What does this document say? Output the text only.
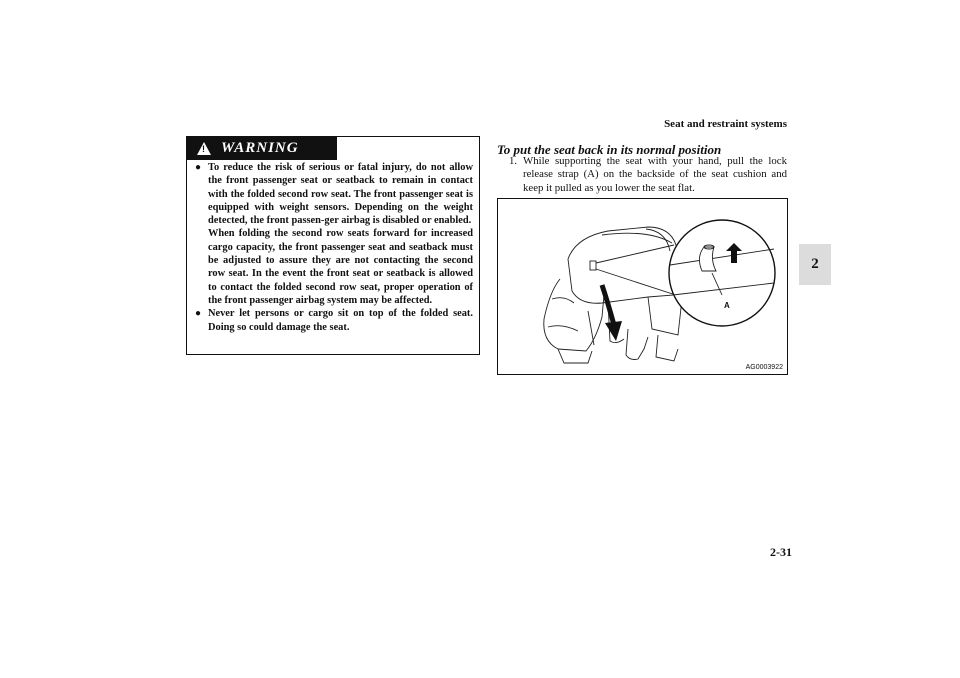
Seat and restraint systems
2
! WARNING
● To reduce the risk of serious or fatal injury, do not allow the front passenger seat or seatback to remain in contact with the folded second row seat. The front passenger seat is equipped with weight sensors. Depending on the weight detected, the front passen-ger airbag is disabled or enabled.
When folding the second row seats forward for increased cargo capacity, the front passenger seat and seatback must be adjusted to assure they are not contacting the second row seat. In the event the front seat or seatback is allowed to contact the folded second row seat, proper operation of the front passenger airbag system may be affected.
● Never let persons or cargo sit on top of the folded seat. Doing so could damage the seat.
To put the seat back in its normal position
1. While supporting the seat with your hand, pull the lock release strap (A) on the backside of the seat cushion and keep it pulled as you lower the seat flat.
A
AG0003922
2-31
